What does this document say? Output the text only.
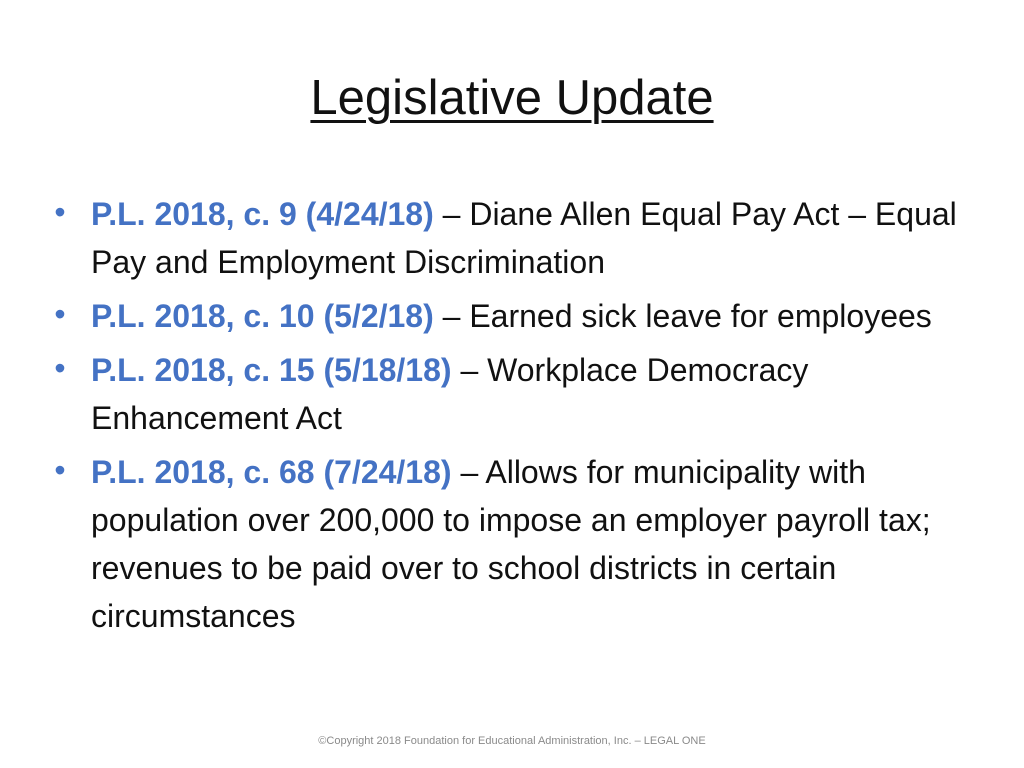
Legislative Update
• P.L. 2018, c. 9 (4/24/18) – Diane Allen Equal Pay Act – Equal Pay and Employment Discrimination
• P.L. 2018, c. 10 (5/2/18) – Earned sick leave for employees
• P.L. 2018, c. 15 (5/18/18) – Workplace Democracy Enhancement Act
• P.L. 2018, c. 68 (7/24/18) – Allows for municipality with population over 200,000 to impose an employer payroll tax; revenues to be paid over to school districts in certain circumstances
©Copyright 2018 Foundation for Educational Administration, Inc. – LEGAL ONE
